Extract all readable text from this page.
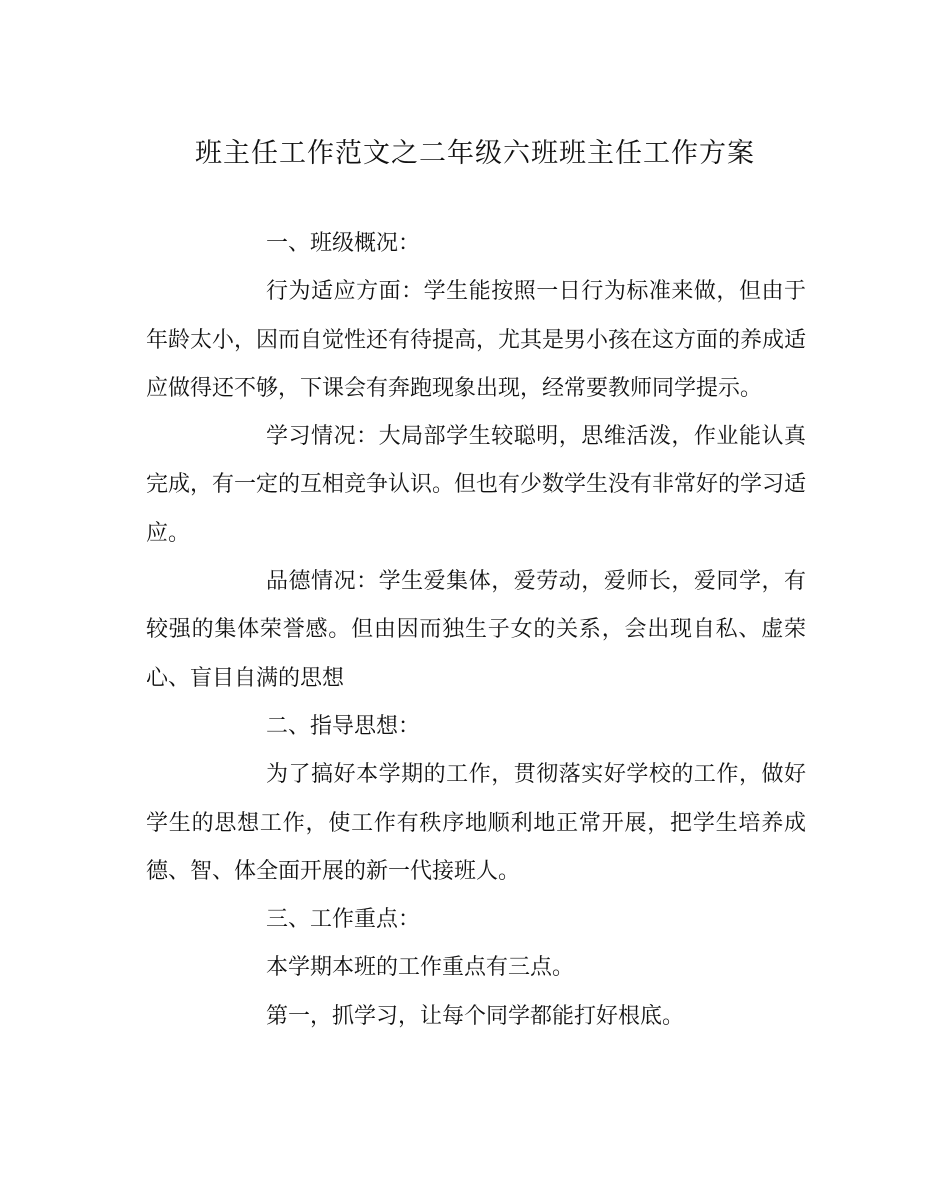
班主任工作范文之二年级六班班主任工作方案

一、班级概况：

行为适应方面：学生能按照一日行为标准来做，但由于年龄太小，因而自觉性还有待提高，尤其是男小孩在这方面的养成适应做得还不够，下课会有奔跑现象出现，经常要教师同学提示。

学习情况：大局部学生较聪明，思维活泼，作业能认真完成，有一定的互相竞争认识。但也有少数学生没有非常好的学习适应。

品德情况：学生爱集体，爱劳动，爱师长，爱同学，有较强的集体荣誉感。但由因而独生子女的关系，会出现自私、虚荣心、盲目自满的思想

二、指导思想：

为了搞好本学期的工作，贯彻落实好学校的工作，做好学生的思想工作，使工作有秩序地顺利地正常开展，把学生培养成德、智、体全面开展的新一代接班人。

三、工作重点：

本学期本班的工作重点有三点。

第一，抓学习，让每个同学都能打好根底。
